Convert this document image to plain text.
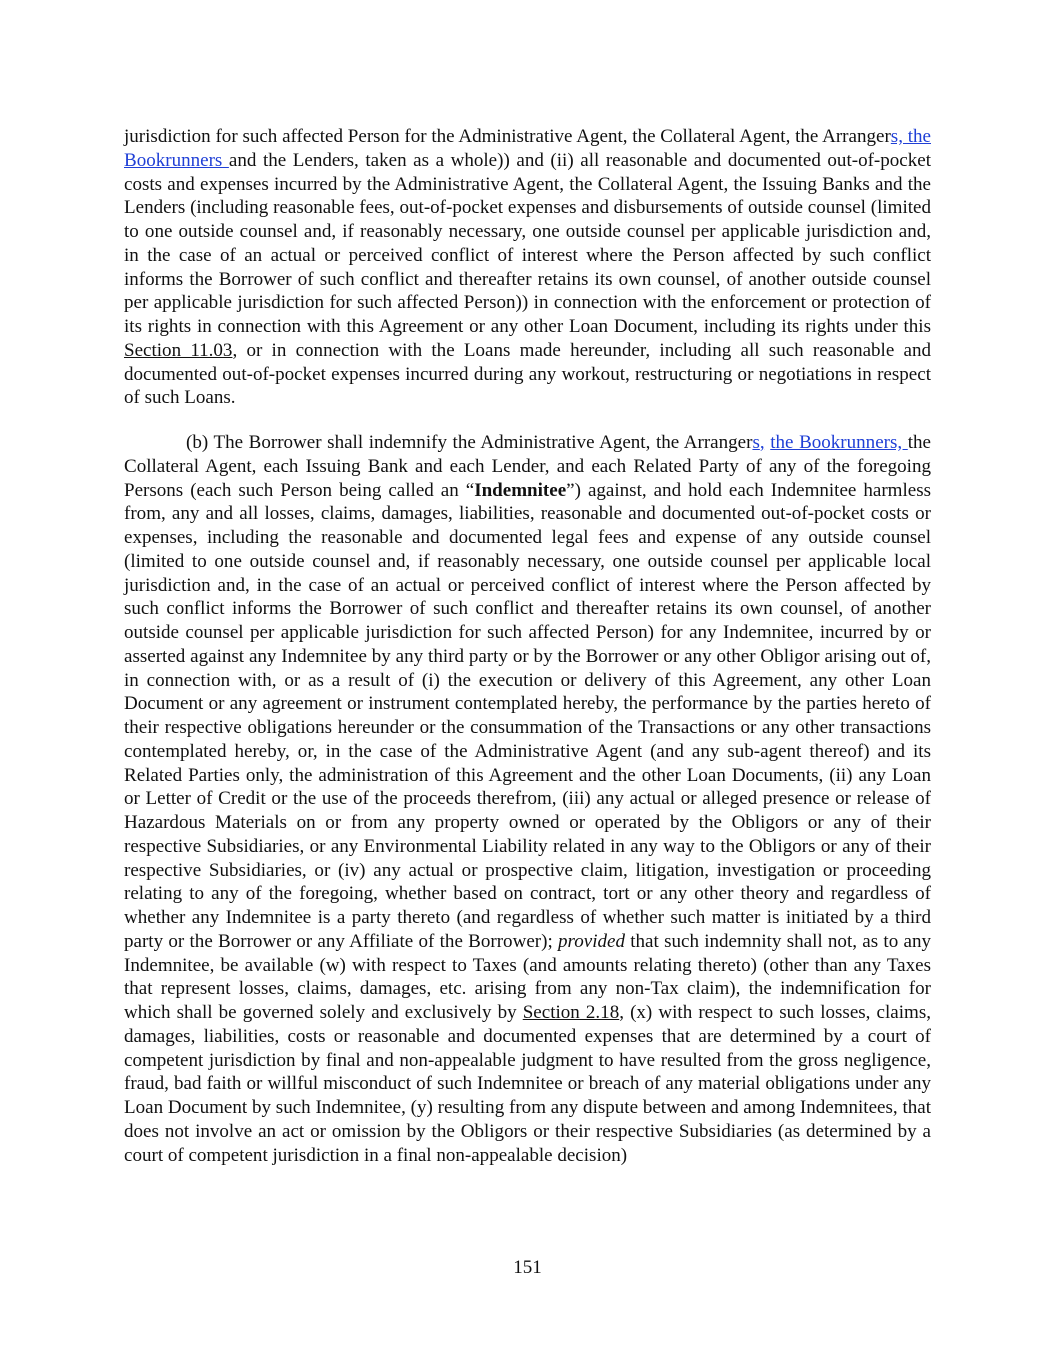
jurisdiction for such affected Person for the Administrative Agent, the Collateral Agent, the Arrangers, the Bookrunners and the Lenders, taken as a whole)) and (ii) all reasonable and documented out-of-pocket costs and expenses incurred by the Administrative Agent, the Collateral Agent, the Issuing Banks and the Lenders (including reasonable fees, out-of-pocket expenses and disbursements of outside counsel (limited to one outside counsel and, if reasonably necessary, one outside counsel per applicable jurisdiction and, in the case of an actual or perceived conflict of interest where the Person affected by such conflict informs the Borrower of such conflict and thereafter retains its own counsel, of another outside counsel per applicable jurisdiction for such affected Person)) in connection with the enforcement or protection of its rights in connection with this Agreement or any other Loan Document, including its rights under this Section 11.03, or in connection with the Loans made hereunder, including all such reasonable and documented out-of-pocket expenses incurred during any workout, restructuring or negotiations in respect of such Loans.

(b) The Borrower shall indemnify the Administrative Agent, the Arrangers, the Bookrunners, the Collateral Agent, each Issuing Bank and each Lender, and each Related Party of any of the foregoing Persons (each such Person being called an “Indemnitee”) against, and hold each Indemnitee harmless from, any and all losses, claims, damages, liabilities, reasonable and documented out-of-pocket costs or expenses, including the reasonable and documented legal fees and expense of any outside counsel (limited to one outside counsel and, if reasonably necessary, one outside counsel per applicable local jurisdiction and, in the case of an actual or perceived conflict of interest where the Person affected by such conflict informs the Borrower of such conflict and thereafter retains its own counsel, of another outside counsel per applicable jurisdiction for such affected Person) for any Indemnitee, incurred by or asserted against any Indemnitee by any third party or by the Borrower or any other Obligor arising out of, in connection with, or as a result of (i) the execution or delivery of this Agreement, any other Loan Document or any agreement or instrument contemplated hereby, the performance by the parties hereto of their respective obligations hereunder or the consummation of the Transactions or any other transactions contemplated hereby, or, in the case of the Administrative Agent (and any sub-agent thereof) and its Related Parties only, the administration of this Agreement and the other Loan Documents, (ii) any Loan or Letter of Credit or the use of the proceeds therefrom, (iii) any actual or alleged presence or release of Hazardous Materials on or from any property owned or operated by the Obligors or any of their respective Subsidiaries, or any Environmental Liability related in any way to the Obligors or any of their respective Subsidiaries, or (iv) any actual or prospective claim, litigation, investigation or proceeding relating to any of the foregoing, whether based on contract, tort or any other theory and regardless of whether any Indemnitee is a party thereto (and regardless of whether such matter is initiated by a third party or the Borrower or any Affiliate of the Borrower); provided that such indemnity shall not, as to any Indemnitee, be available (w) with respect to Taxes (and amounts relating thereto) (other than any Taxes that represent losses, claims, damages, etc. arising from any non-Tax claim), the indemnification for which shall be governed solely and exclusively by Section 2.18, (x) with respect to such losses, claims, damages, liabilities, costs or reasonable and documented expenses that are determined by a court of competent jurisdiction by final and non-appealable judgment to have resulted from the gross negligence, fraud, bad faith or willful misconduct of such Indemnitee or breach of any material obligations under any Loan Document by such Indemnitee, (y) resulting from any dispute between and among Indemnitees, that does not involve an act or omission by the Obligors or their respective Subsidiaries (as determined by a court of competent jurisdiction in a final non-appealable decision)

151
